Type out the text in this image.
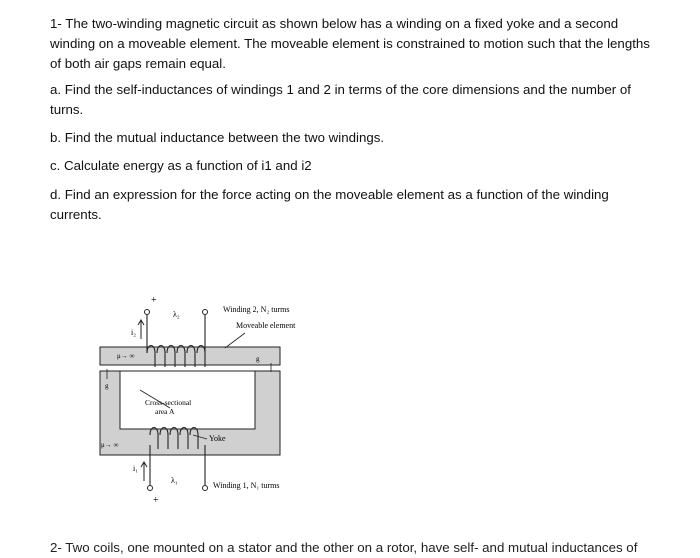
1- The two-winding magnetic circuit as shown below has a winding on a fixed yoke and a second winding on a moveable element. The moveable element is constrained to motion such that the lengths of both air gaps remain equal.

a. Find the self-inductances of windings 1 and 2 in terms of the core dimensions and the number of turns.

b. Find the mutual inductance between the two windings.

c. Calculate energy as a function of i1 and i2

d. Find an expression for the force acting on the moveable element as a function of the winding currents.

+
i₂
λ₂
Winding 2, N₂ turms
Moveable element
μ→ ∞	g
g
Cross-sectional
area A
Yoke
μ→ ∞
i₁
λ₁
Winding 1, N₁ turms
+

2- Two coils, one mounted on a stator and the other on a rotor, have self- and mutual inductances of
